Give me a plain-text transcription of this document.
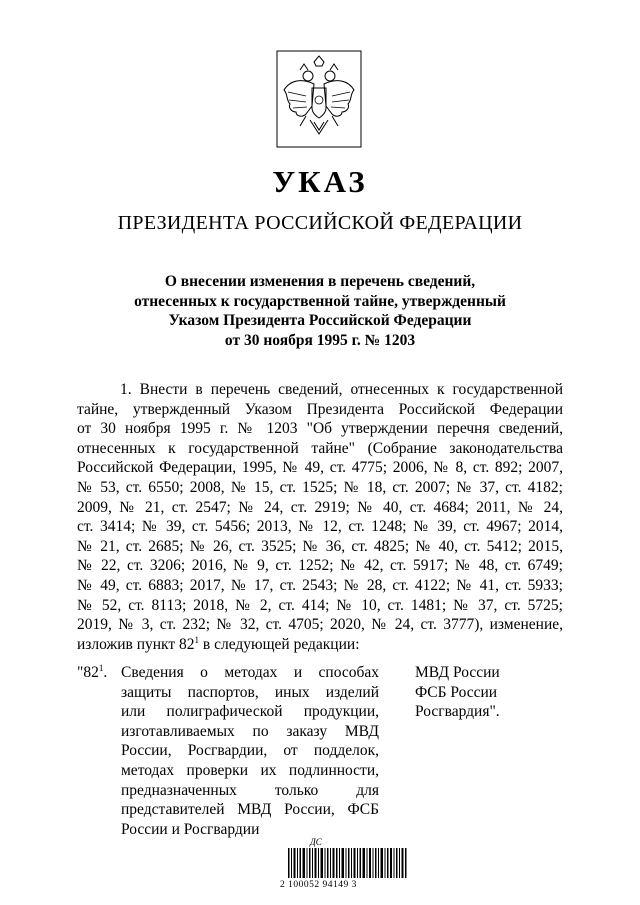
УКАЗ
ПРЕЗИДЕНТА РОССИЙСКОЙ ФЕДЕРАЦИИ
О внесении изменения в перечень сведений,
отнесенных к государственной тайне, утвержденный
Указом Президента Российской Федерации
от 30 ноября 1995 г. № 1203
1. Внести в перечень сведений, отнесенных к государственной
тайне, утвержденный Указом Президента Российской Федерации
от 30 ноября 1995 г. № 1203 "Об утверждении перечня сведений,
отнесенных к государственной тайне" (Собрание законодательства
Российской Федерации, 1995, № 49, ст. 4775; 2006, № 8, ст. 892; 2007,
№ 53, ст. 6550; 2008, № 15, ст. 1525; № 18, ст. 2007; № 37, ст. 4182;
2009, № 21, ст. 2547; № 24, ст. 2919; № 40, ст. 4684; 2011, № 24,
ст. 3414; № 39, ст. 5456; 2013, № 12, ст. 1248; № 39, ст. 4967; 2014,
№ 21, ст. 2685; № 26, ст. 3525; № 36, ст. 4825; № 40, ст. 5412; 2015,
№ 22, ст. 3206; 2016, № 9, ст. 1252; № 42, ст. 5917; № 48, ст. 6749;
№ 49, ст. 6883; 2017, № 17, ст. 2543; № 28, ст. 4122; № 41, ст. 5933;
№ 52, ст. 8113; 2018, № 2, ст. 414; № 10, ст. 1481; № 37, ст. 5725;
2019, № 3, ст. 232; № 32, ст. 4705; 2020, № 24, ст. 3777), изменение,
изложив пункт $82^1$ в следующей редакции:
"$82^1$. Сведения о методах и способах
защиты паспортов, иных изделий
или полиграфической продукции,
изготавливаемых по заказу МВД
России, Росгвардии, от подделок,
методах проверки их подлинности,
предназначенных только для
представителей МВД России, ФСБ
России и Росгвардии
МВД России
ФСБ России
Росгвардия".
ДС
2 100052 94149 3
